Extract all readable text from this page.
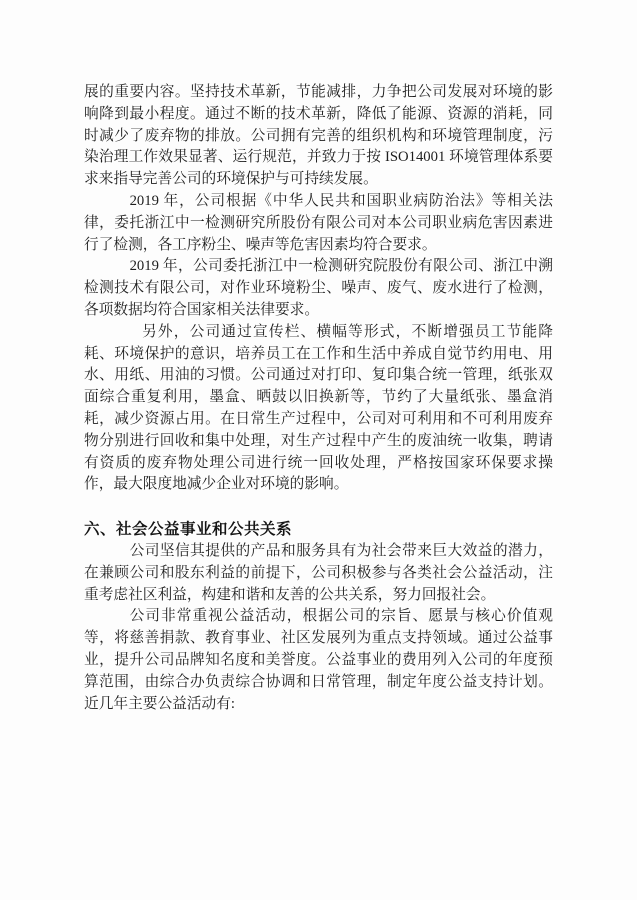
展的重要内容。坚持技术革新，节能减排，力争把公司发展对环境的影响降到最小程度。通过不断的技术革新，降低了能源、资源的消耗，同时减少了废弃物的排放。公司拥有完善的组织机构和环境管理制度，污染治理工作效果显著、运行规范，并致力于按 ISO14001 环境管理体系要求来指导完善公司的环境保护与可持续发展。

2019 年，公司根据《中华人民共和国职业病防治法》等相关法律，委托浙江中一检测研究所股份有限公司对本公司职业病危害因素进行了检测，各工序粉尘、噪声等危害因素均符合要求。

2019 年，公司委托浙江中一检测研究院股份有限公司、浙江中溯检测技术有限公司，对作业环境粉尘、噪声、废气、废水进行了检测，各项数据均符合国家相关法律要求。

另外，公司通过宣传栏、横幅等形式，不断增强员工节能降耗、环境保护的意识，培养员工在工作和生活中养成自觉节约用电、用水、用纸、用油的习惯。公司通过对打印、复印集合统一管理，纸张双面综合重复利用，墨盒、晒鼓以旧换新等，节约了大量纸张、墨盒消耗，减少资源占用。在日常生产过程中，公司对可利用和不可利用废弃物分别进行回收和集中处理，对生产过程中产生的废油统一收集，聘请有资质的废弃物处理公司进行统一回收处理，严格按国家环保要求操作，最大限度地减少企业对环境的影响。

六、社会公益事业和公共关系

公司坚信其提供的产品和服务具有为社会带来巨大效益的潜力，在兼顾公司和股东利益的前提下，公司积极参与各类社会公益活动，注重考虑社区利益，构建和谐和友善的公共关系，努力回报社会。

公司非常重视公益活动，根据公司的宗旨、愿景与核心价值观等，将慈善捐款、教育事业、社区发展列为重点支持领域。通过公益事业，提升公司品牌知名度和美誉度。公益事业的费用列入公司的年度预算范围，由综合办负责综合协调和日常管理，制定年度公益支持计划。近几年主要公益活动有:
